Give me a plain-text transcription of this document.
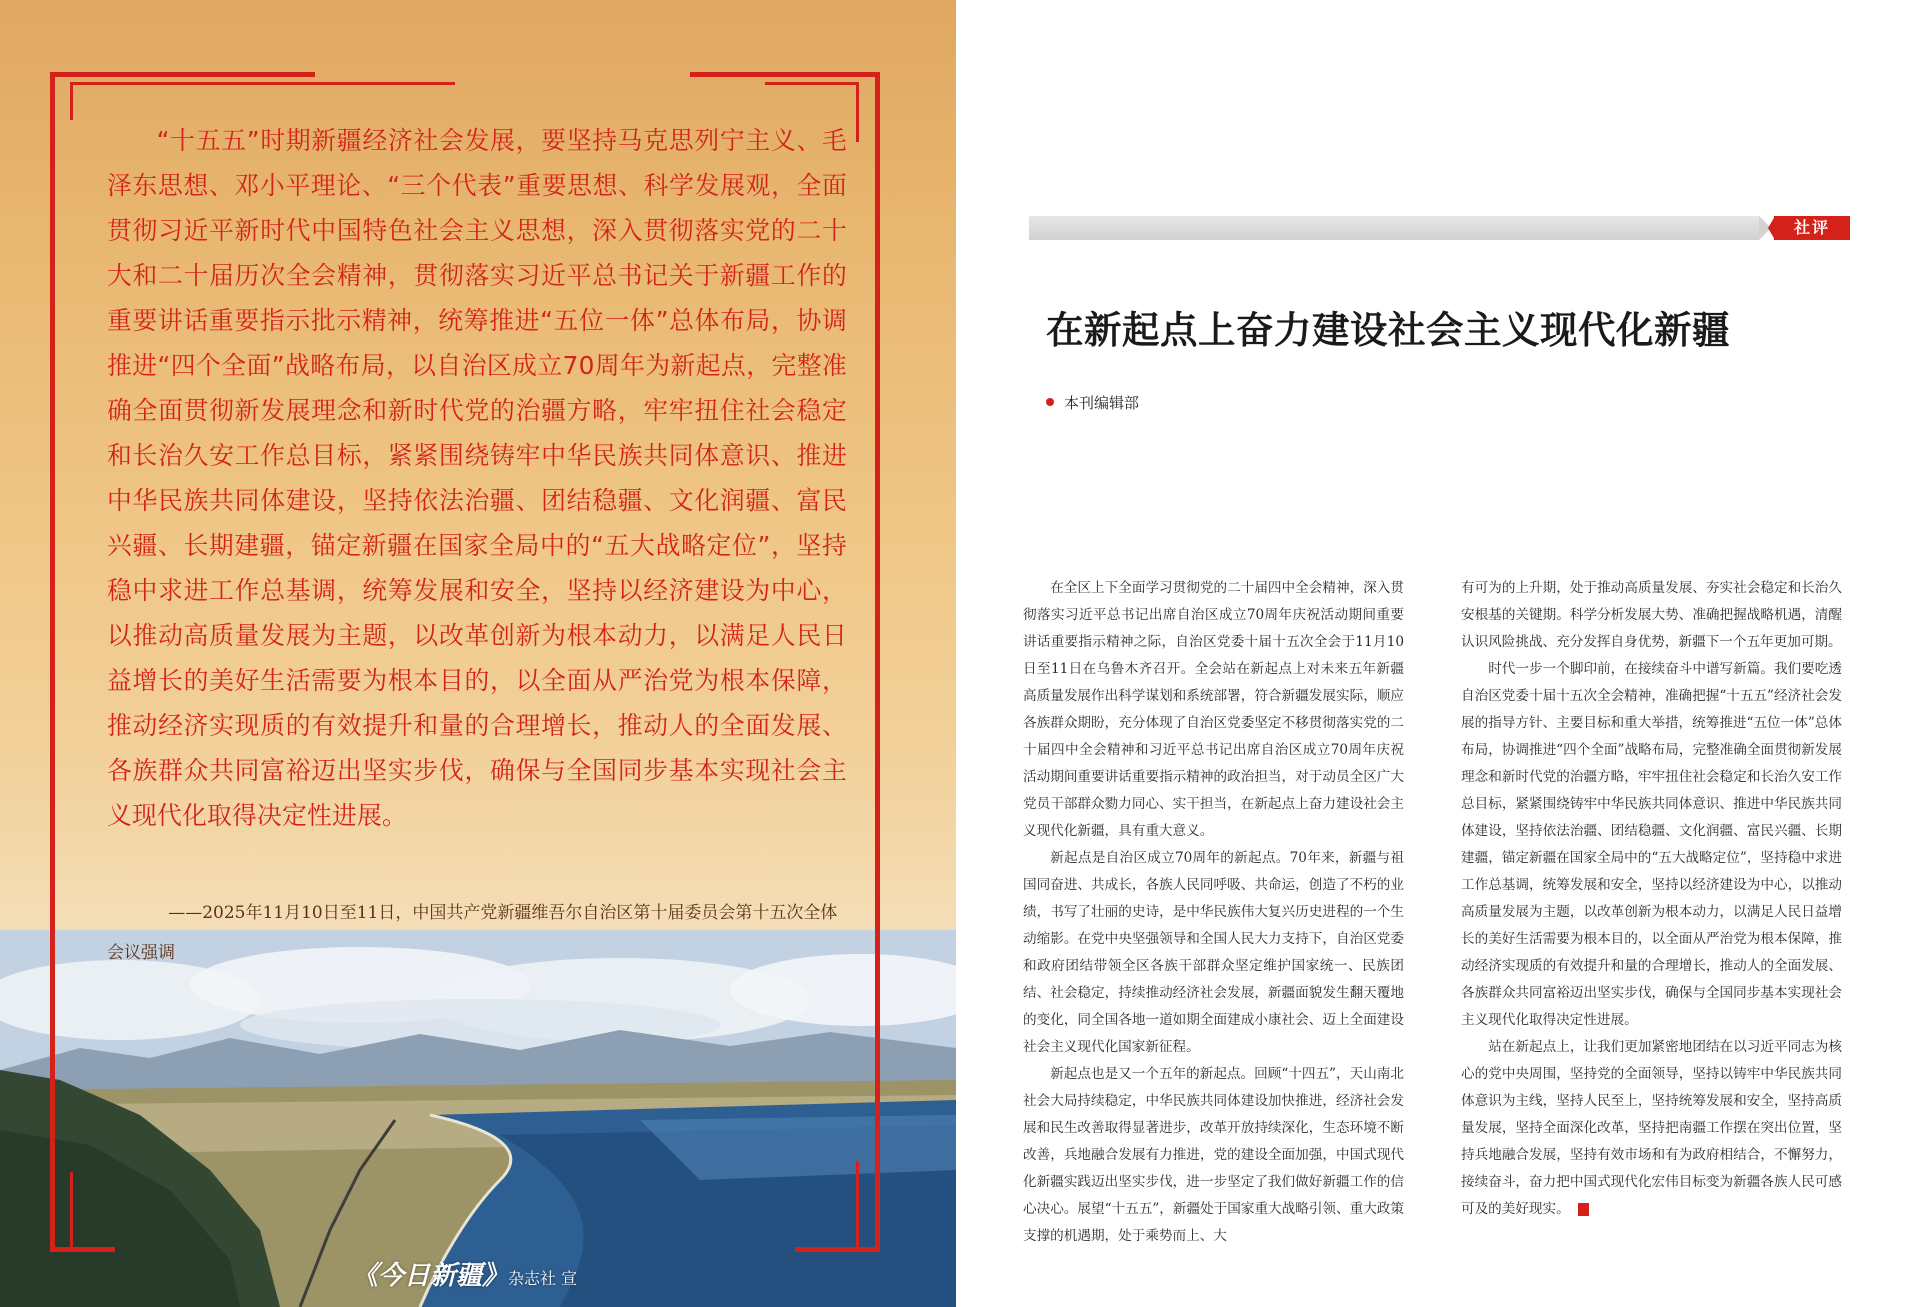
“十五五”时期新疆经济社会发展，要坚持马克思列宁主义、毛泽东思想、邓小平理论、“三个代表”重要思想、科学发展观，全面贯彻习近平新时代中国特色社会主义思想，深入贯彻落实党的二十大和二十届历次全会精神，贯彻落实习近平总书记关于新疆工作的重要讲话重要指示批示精神，统筹推进“五位一体”总体布局，协调推进“四个全面”战略布局，以自治区成立70周年为新起点，完整准确全面贯彻新发展理念和新时代党的治疆方略，牢牢扭住社会稳定和长治久安工作总目标，紧紧围绕铸牢中华民族共同体意识、推进中华民族共同体建设，坚持依法治疆、团结稳疆、文化润疆、富民兴疆、长期建疆，锚定新疆在国家全局中的“五大战略定位”，坚持稳中求进工作总基调，统筹发展和安全，坚持以经济建设为中心，以推动高质量发展为主题，以改革创新为根本动力，以满足人民日益增长的美好生活需要为根本目的，以全面从严治党为根本保障，推动经济实现质的有效提升和量的合理增长，推动人的全面发展、各族群众共同富裕迈出坚实步伐，确保与全国同步基本实现社会主义现代化取得决定性进展。

——2025年11月10日至11日，中国共产党新疆维吾尔自治区第十届委员会第十五次全体会议强调

《今日新疆》杂志社 宣
社评
在新起点上奋力建设社会主义现代化新疆
本刊编辑部

在全区上下全面学习贯彻党的二十届四中全会精神，深入贯彻落实习近平总书记出席自治区成立70周年庆祝活动期间重要讲话重要指示精神之际，自治区党委十届十五次全会于11月10日至11日在乌鲁木齐召开。全会站在新起点上对未来五年新疆高质量发展作出科学谋划和系统部署，符合新疆发展实际，顺应各族群众期盼，充分体现了自治区党委坚定不移贯彻落实党的二十届四中全会精神和习近平总书记出席自治区成立70周年庆祝活动期间重要讲话重要指示精神的政治担当，对于动员全区广大党员干部群众勠力同心、实干担当，在新起点上奋力建设社会主义现代化新疆，具有重大意义。

新起点是自治区成立70周年的新起点。70年来，新疆与祖国同奋进、共成长，各族人民同呼吸、共命运，创造了不朽的业绩，书写了壮丽的史诗，是中华民族伟大复兴历史进程的一个生动缩影。在党中央坚强领导和全国人民大力支持下，自治区党委和政府团结带领全区各族干部群众坚定维护国家统一、民族团结、社会稳定，持续推动经济社会发展，新疆面貌发生翻天覆地的变化，同全国各地一道如期全面建成小康社会、迈上全面建设社会主义现代化国家新征程。

新起点也是又一个五年的新起点。回顾“十四五”，天山南北社会大局持续稳定，中华民族共同体建设加快推进，经济社会发展和民生改善取得显著进步，改革开放持续深化，生态环境不断改善，兵地融合发展有力推进，党的建设全面加强，中国式现代化新疆实践迈出坚实步伐，进一步坚定了我们做好新疆工作的信心决心。展望“十五五”，新疆处于国家重大战略引领、重大政策支撑的机遇期，处于乘势而上、大

有可为的上升期，处于推动高质量发展、夯实社会稳定和长治久安根基的关键期。科学分析发展大势、准确把握战略机遇，清醒认识风险挑战、充分发挥自身优势，新疆下一个五年更加可期。

时代一步一个脚印前，在接续奋斗中谱写新篇。我们要吃透自治区党委十届十五次全会精神，准确把握“十五五”经济社会发展的指导方针、主要目标和重大举措，统筹推进“五位一体”总体布局，协调推进“四个全面”战略布局，完整准确全面贯彻新发展理念和新时代党的治疆方略，牢牢扭住社会稳定和长治久安工作总目标，紧紧围绕铸牢中华民族共同体意识、推进中华民族共同体建设，坚持依法治疆、团结稳疆、文化润疆、富民兴疆、长期建疆，锚定新疆在国家全局中的“五大战略定位”，坚持稳中求进工作总基调，统筹发展和安全，坚持以经济建设为中心，以推动高质量发展为主题，以改革创新为根本动力，以满足人民日益增长的美好生活需要为根本目的，以全面从严治党为根本保障，推动经济实现质的有效提升和量的合理增长，推动人的全面发展、各族群众共同富裕迈出坚实步伐，确保与全国同步基本实现社会主义现代化取得决定性进展。

站在新起点上，让我们更加紧密地团结在以习近平同志为核心的党中央周围，坚持党的全面领导，坚持以铸牢中华民族共同体意识为主线，坚持人民至上，坚持统筹发展和安全，坚持高质量发展，坚持全面深化改革，坚持把南疆工作摆在突出位置，坚持兵地融合发展，坚持有效市场和有为政府相结合，不懈努力，接续奋斗，奋力把中国式现代化宏伟目标变为新疆各族人民可感可及的美好现实。
